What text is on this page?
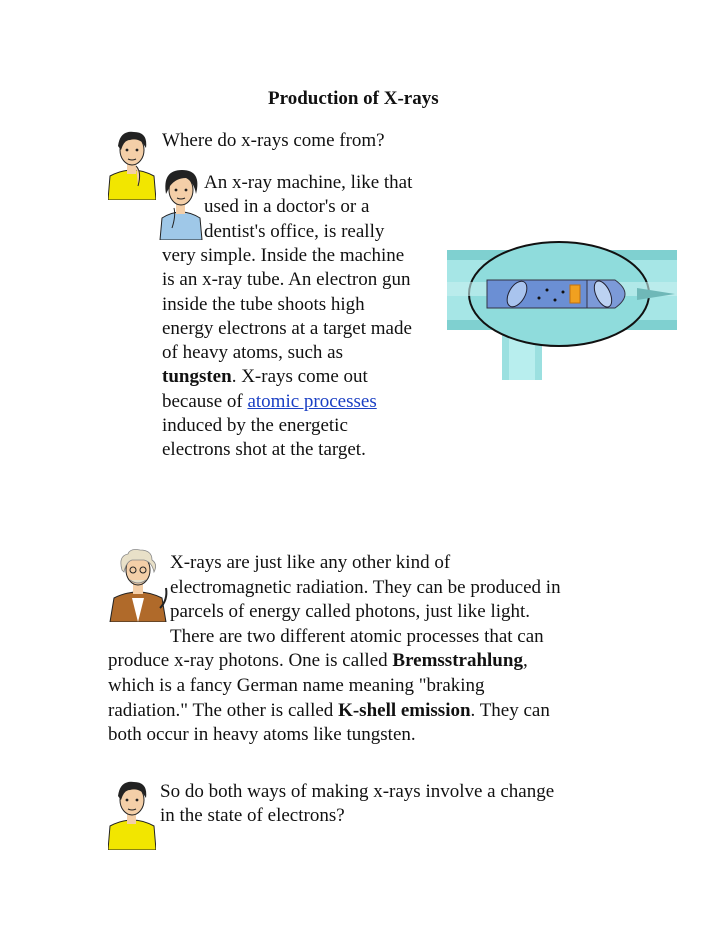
Production of X-rays
Where do x-rays come from?
An x-ray machine, like that
used in a doctor's or a
dentist's office, is really
very simple. Inside the machine
is an x-ray tube. An electron gun
inside the tube shoots high
energy electrons at a target made
of heavy atoms, such as
tungsten. X-rays come out
because of atomic processes
induced by the energetic
electrons shot at the target.
X-rays are just like any other kind of
electromagnetic radiation. They can be produced in
parcels of energy called photons, just like light.
There are two different atomic processes that can
produce x-ray photons. One is called Bremsstrahlung,
which is a fancy German name meaning "braking
radiation." The other is called K-shell emission. They can
both occur in heavy atoms like tungsten.
So do both ways of making x-rays involve a change
in the state of electrons?
